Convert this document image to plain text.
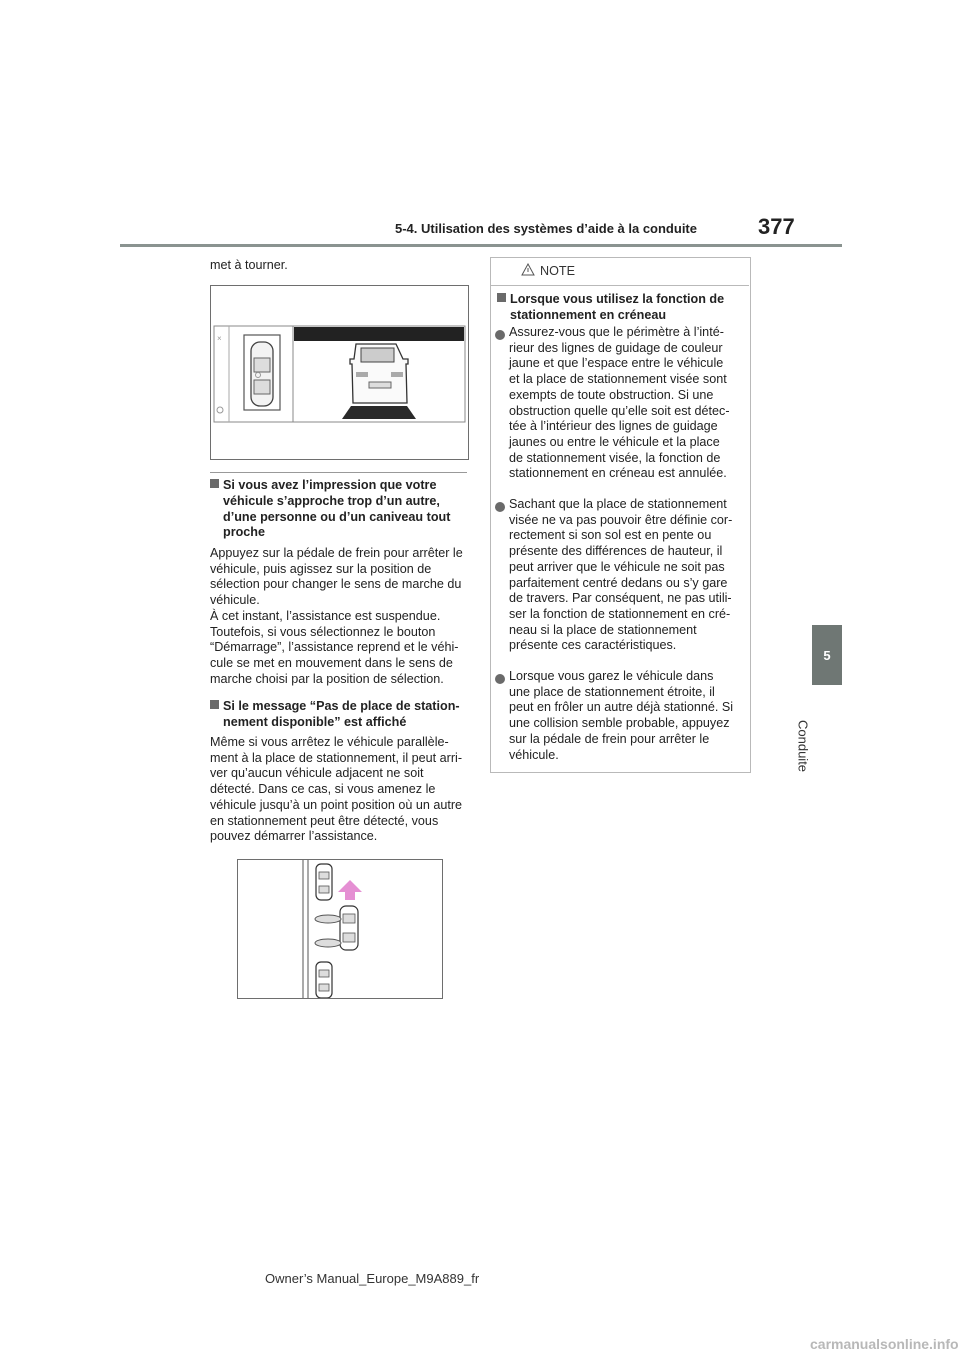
5-4. Utilisation des systèmes d’aide à la conduite	377
5
Conduite
met à tourner.
×
Si vous avez l’impression que votre
véhicule s’approche trop d’un autre,
d’une personne ou d’un caniveau tout
proche
Appuyez sur la pédale de frein pour arrêter le
véhicule, puis agissez sur la position de
sélection pour changer le sens de marche du
véhicule.
À cet instant, l’assistance est suspendue.
Toutefois, si vous sélectionnez le bouton
“Démarrage”, l’assistance reprend et le véhi-
cule se met en mouvement dans le sens de
marche choisi par la position de sélection.
Si le message “Pas de place de station-
nement disponible” est affiché
Même si vous arrêtez le véhicule parallèle-
ment à la place de stationnement, il peut arri-
ver qu’aucun véhicule adjacent ne soit
détecté. Dans ce cas, si vous amenez le
véhicule jusqu’à un point position où un autre
en stationnement peut être détecté, vous
pouvez démarrer l’assistance.
NOTE
Lorsque vous utilisez la fonction de
stationnement en créneau
Assurez-vous que le périmètre à l’inté-
rieur des lignes de guidage de couleur
jaune et que l’espace entre le véhicule
et la place de stationnement visée sont
exempts de toute obstruction. Si une
obstruction quelle qu’elle soit est détec-
tée à l’intérieur des lignes de guidage
jaunes ou entre le véhicule et la place
de stationnement visée, la fonction de
stationnement en créneau est annulée.
Sachant que la place de stationnement
visée ne va pas pouvoir être définie cor-
rectement si son sol est en pente ou
présente des différences de hauteur, il
peut arriver que le véhicule ne soit pas
parfaitement centré dedans ou s’y gare
de travers. Par conséquent, ne pas utili-
ser la fonction de stationnement en cré-
neau si la place de stationnement
présente ces caractéristiques.
Lorsque vous garez le véhicule dans
une place de stationnement étroite, il
peut en frôler un autre déjà stationné. Si
une collision semble probable, appuyez
sur la pédale de frein pour arrêter le
véhicule.
Owner’s Manual_Europe_M9A889_fr
carmanualsonline.info
